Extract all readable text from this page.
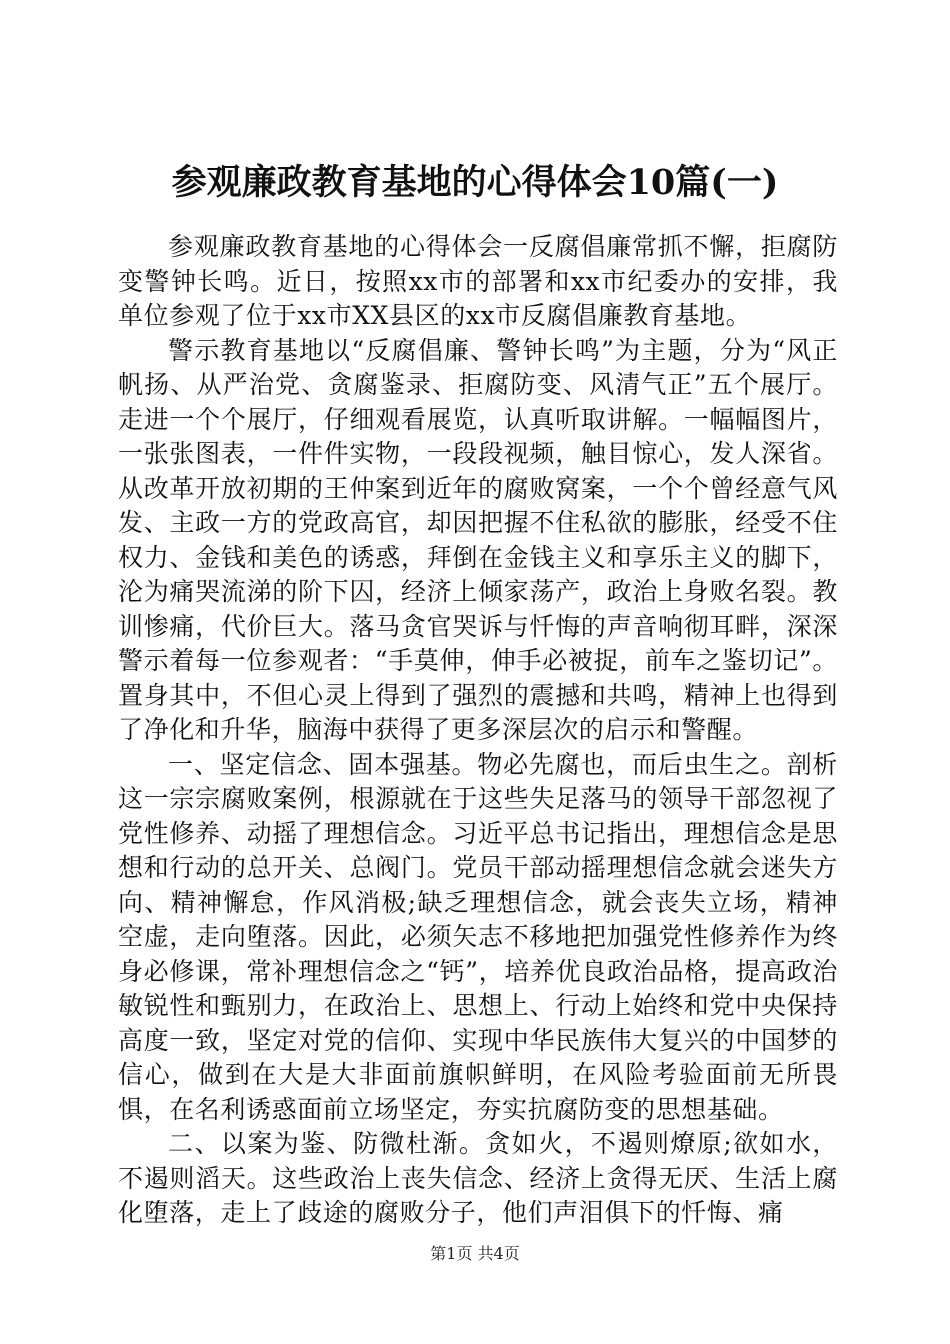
参观廉政教育基地的心得体会10篇(一)

参观廉政教育基地的心得体会一反腐倡廉常抓不懈，拒腐防变警钟长鸣。近日，按照xx市的部署和xx市纪委办的安排，我单位参观了位于xx市XX县区的xx市反腐倡廉教育基地。

警示教育基地以“反腐倡廉、警钟长鸣”为主题，分为“风正帆扬、从严治党、贪腐鉴录、拒腐防变、风清气正”五个展厅。走进一个个展厅，仔细观看展览，认真听取讲解。一幅幅图片，一张张图表，一件件实物，一段段视频，触目惊心，发人深省。从改革开放初期的王仲案到近年的腐败窝案，一个个曾经意气风发、主政一方的党政高官，却因把握不住私欲的膨胀，经受不住权力、金钱和美色的诱惑，拜倒在金钱主义和享乐主义的脚下，沦为痛哭流涕的阶下囚，经济上倾家荡产，政治上身败名裂。教训惨痛，代价巨大。落马贪官哭诉与忏悔的声音响彻耳畔，深深警示着每一位参观者：“手莫伸，伸手必被捉，前车之鉴切记”。置身其中，不但心灵上得到了强烈的震撼和共鸣，精神上也得到了净化和升华，脑海中获得了更多深层次的启示和警醒。

一、坚定信念、固本强基。物必先腐也，而后虫生之。剖析这一宗宗腐败案例，根源就在于这些失足落马的领导干部忽视了党性修养、动摇了理想信念。习近平总书记指出，理想信念是思想和行动的总开关、总阀门。党员干部动摇理想信念就会迷失方向、精神懈怠，作风消极;缺乏理想信念，就会丧失立场，精神空虚，走向堕落。因此，必须矢志不移地把加强党性修养作为终身必修课，常补理想信念之“钙”，培养优良政治品格，提高政治敏锐性和甄别力，在政治上、思想上、行动上始终和党中央保持高度一致，坚定对党的信仰、实现中华民族伟大复兴的中国梦的信心，做到在大是大非面前旗帜鲜明，在风险考验面前无所畏惧，在名利诱惑面前立场坚定，夯实抗腐防变的思想基础。

二、以案为鉴、防微杜渐。贪如火，不遏则燎原;欲如水，不遏则滔天。这些政治上丧失信念、经济上贪得无厌、生活上腐化堕落，走上了歧途的腐败分子，他们声泪俱下的忏悔、痛

第1页 共4页
